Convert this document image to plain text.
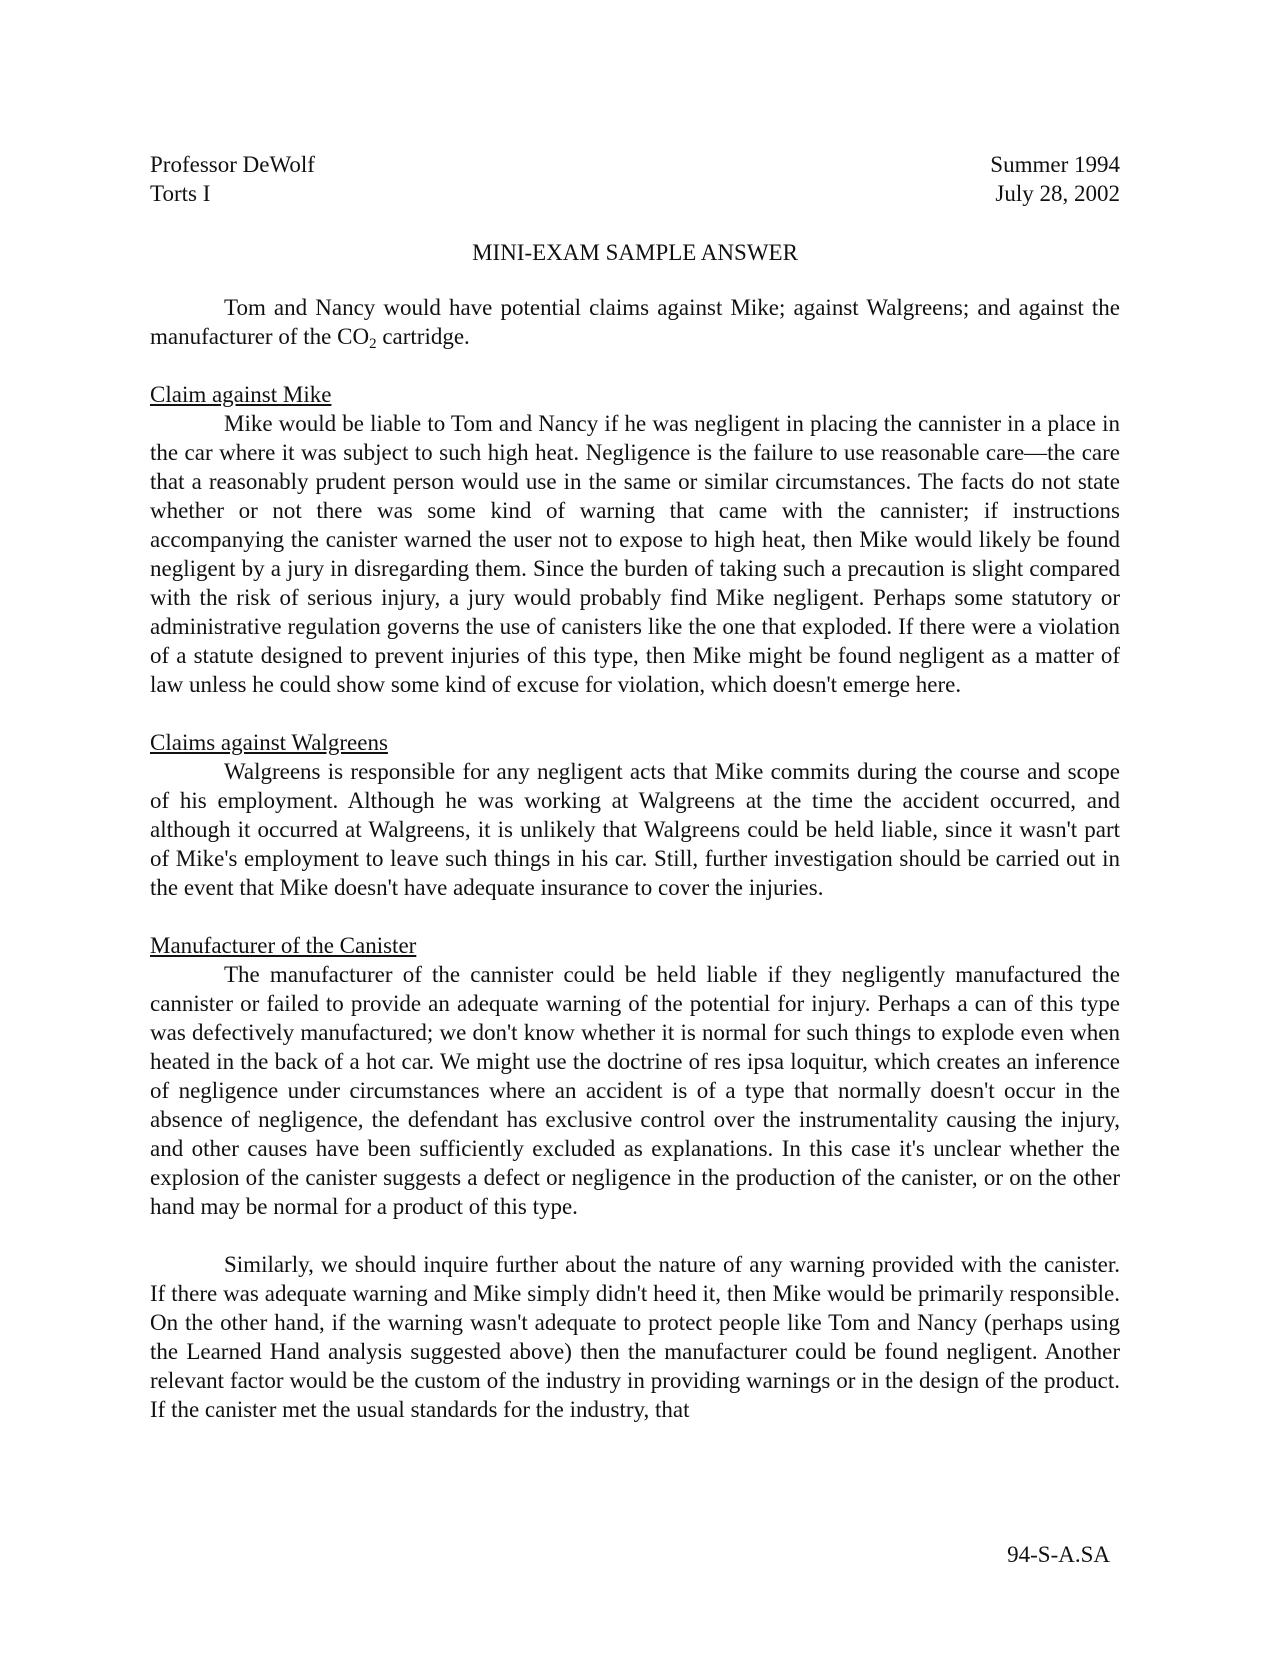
Professor DeWolf	Summer 1994
Torts I	July 28, 2002
MINI-EXAM SAMPLE ANSWER

Tom and Nancy would have potential claims against Mike; against Walgreens; and against the manufacturer of the $CO_2$ cartridge.

Claim against Mike

Mike would be liable to Tom and Nancy if he was negligent in placing the cannister in a place in the car where it was subject to such high heat. Negligence is the failure to use reasonable care—the care that a reasonably prudent person would use in the same or similar circumstances. The facts do not state whether or not there was some kind of warning that came with the cannister; if instructions accompanying the canister warned the user not to expose to high heat, then Mike would likely be found negligent by a jury in disregarding them. Since the burden of taking such a precaution is slight compared with the risk of serious injury, a jury would probably find Mike negligent. Perhaps some statutory or administrative regulation governs the use of canisters like the one that exploded. If there were a violation of a statute designed to prevent injuries of this type, then Mike might be found negligent as a matter of law unless he could show some kind of excuse for violation, which doesn't emerge here.

Claims against Walgreens

Walgreens is responsible for any negligent acts that Mike commits during the course and scope of his employment. Although he was working at Walgreens at the time the accident occurred, and although it occurred at Walgreens, it is unlikely that Walgreens could be held liable, since it wasn't part of Mike's employment to leave such things in his car. Still, further investigation should be carried out in the event that Mike doesn't have adequate insurance to cover the injuries.

Manufacturer of the Canister

The manufacturer of the cannister could be held liable if they negligently manufactured the cannister or failed to provide an adequate warning of the potential for injury. Perhaps a can of this type was defectively manufactured; we don't know whether it is normal for such things to explode even when heated in the back of a hot car. We might use the doctrine of res ipsa loquitur, which creates an inference of negligence under circumstances where an accident is of a type that normally doesn't occur in the absence of negligence, the defendant has exclusive control over the instrumentality causing the injury, and other causes have been sufficiently excluded as explanations. In this case it's unclear whether the explosion of the canister suggests a defect or negligence in the production of the canister, or on the other hand may be normal for a product of this type.

Similarly, we should inquire further about the nature of any warning provided with the canister. If there was adequate warning and Mike simply didn't heed it, then Mike would be primarily responsible. On the other hand, if the warning wasn't adequate to protect people like Tom and Nancy (perhaps using the Learned Hand analysis suggested above) then the manufacturer could be found negligent. Another relevant factor would be the custom of the industry in providing warnings or in the design of the product. If the canister met the usual standards for the industry, that

94-S-A.SA
